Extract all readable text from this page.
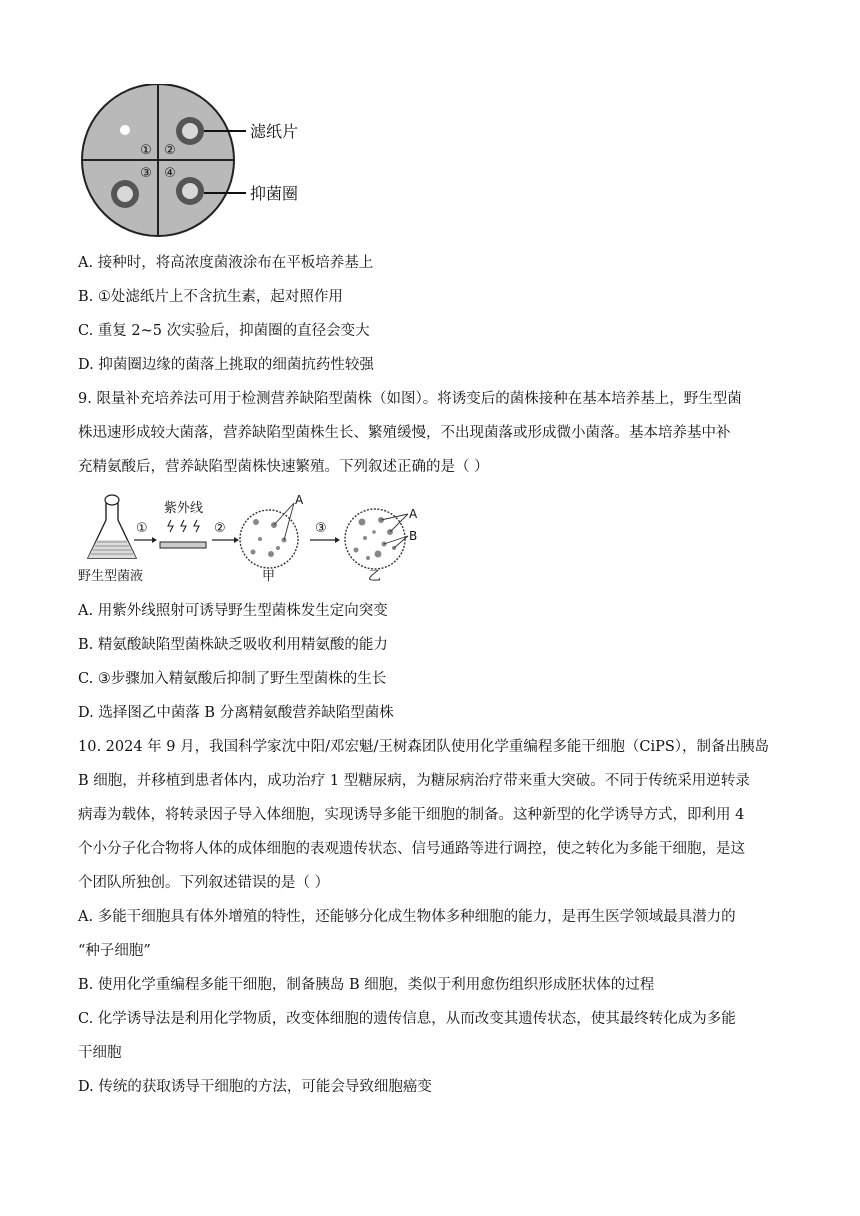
① ②
③ ④
滤纸片
抑菌圈
A. 接种时，将高浓度菌液涂布在平板培养基上
B. ①处滤纸片上不含抗生素，起对照作用
C. 重复 2~5 次实验后，抑菌圈的直径会变大
D. 抑菌圈边缘的菌落上挑取的细菌抗药性较强
9. 限量补充培养法可用于检测营养缺陷型菌株（如图）。将诱变后的菌株接种在基本培养基上，野生型菌
株迅速形成较大菌落，营养缺陷型菌株生长、繁殖缓慢，不出现菌落或形成微小菌落。基本培养基中补
充精氨酸后，营养缺陷型菌株快速繁殖。下列叙述正确的是（ ）
野生型菌液
①
紫外线
②
A
甲
③
A
B
乙
A. 用紫外线照射可诱导野生型菌株发生定向突变
B. 精氨酸缺陷型菌株缺乏吸收利用精氨酸的能力
C. ③步骤加入精氨酸后抑制了野生型菌株的生长
D. 选择图乙中菌落 B 分离精氨酸营养缺陷型菌株
10. 2024 年 9 月，我国科学家沈中阳/邓宏魁/王树森团队使用化学重编程多能干细胞（CiPS），制备出胰岛
B 细胞，并移植到患者体内，成功治疗 1 型糖尿病，为糖尿病治疗带来重大突破。不同于传统采用逆转录
病毒为载体，将转录因子导入体细胞，实现诱导多能干细胞的制备。这种新型的化学诱导方式，即利用 4
个小分子化合物将人体的成体细胞的表观遗传状态、信号通路等进行调控，使之转化为多能干细胞，是这
个团队所独创。下列叙述错误的是（ ）
A. 多能干细胞具有体外增殖的特性，还能够分化成生物体多种细胞的能力，是再生医学领域最具潜力的
“种子细胞”
B. 使用化学重编程多能干细胞，制备胰岛 B 细胞，类似于利用愈伤组织形成胚状体的过程
C. 化学诱导法是利用化学物质，改变体细胞的遗传信息，从而改变其遗传状态，使其最终转化成为多能
干细胞
D. 传统的获取诱导干细胞的方法，可能会导致细胞癌变
